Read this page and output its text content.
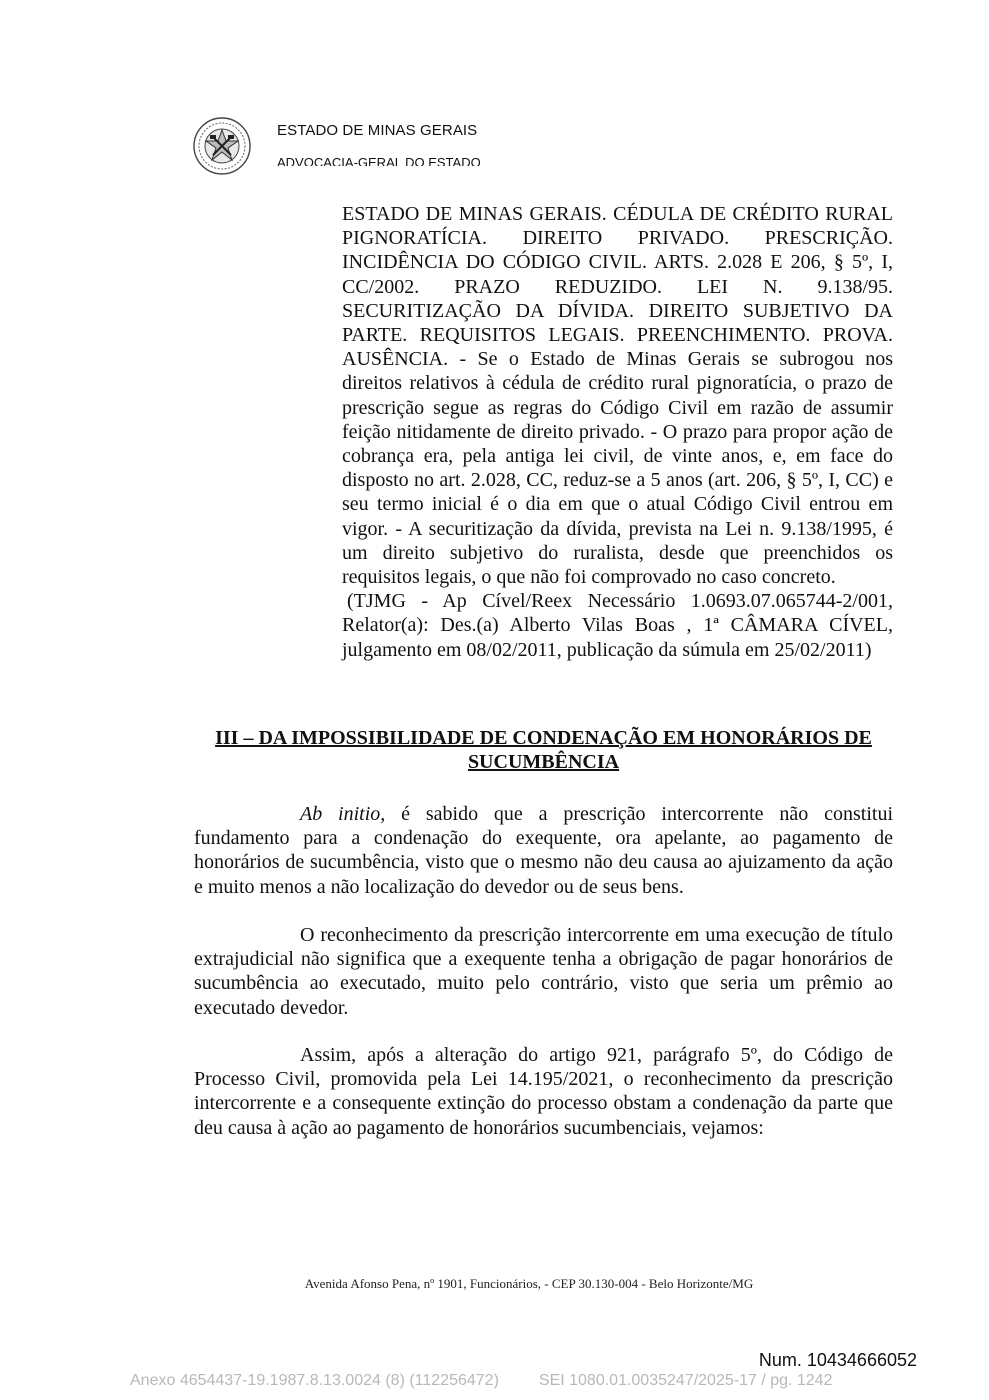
ESTADO DE MINAS GERAIS
ADVOCACIA-GERAL DO ESTADO

ESTADO DE MINAS GERAIS. CÉDULA DE CRÉDITO RURAL PIGNORATÍCIA. DIREITO PRIVADO. PRESCRIÇÃO. INCIDÊNCIA DO CÓDIGO CIVIL. ARTS. 2.028 E 206, § 5º, I, CC/2002. PRAZO REDUZIDO. LEI N. 9.138/95. SECURITIZAÇÃO DA DÍVIDA. DIREITO SUBJETIVO DA PARTE. REQUISITOS LEGAIS. PREENCHIMENTO. PROVA. AUSÊNCIA. - Se o Estado de Minas Gerais se subrogou nos direitos relativos à cédula de crédito rural pignoratícia, o prazo de prescrição segue as regras do Código Civil em razão de assumir feição nitidamente de direito privado. - O prazo para propor ação de cobrança era, pela antiga lei civil, de vinte anos, e, em face do disposto no art. 2.028, CC, reduz-se a 5 anos (art. 206, § 5º, I, CC) e seu termo inicial é o dia em que o atual Código Civil entrou em vigor. - A securitização da dívida, prevista na Lei n. 9.138/1995, é um direito subjetivo do ruralista, desde que preenchidos os requisitos legais, o que não foi comprovado no caso concreto.

(TJMG - Ap Cível/Reex Necessário 1.0693.07.065744-2/001, Relator(a): Des.(a) Alberto Vilas Boas , 1ª CÂMARA CÍVEL, julgamento em 08/02/2011, publicação da súmula em 25/02/2011)

III – DA IMPOSSIBILIDADE DE CONDENAÇÃO EM HONORÁRIOS DE SUCUMBÊNCIA

Ab initio, é sabido que a prescrição intercorrente não constitui fundamento para a condenação do exequente, ora apelante, ao pagamento de honorários de sucumbência, visto que o mesmo não deu causa ao ajuizamento da ação e muito menos a não localização do devedor ou de seus bens.

O reconhecimento da prescrição intercorrente em uma execução de título extrajudicial não significa que a exequente tenha a obrigação de pagar honorários de sucumbência ao executado, muito pelo contrário, visto que seria um prêmio ao executado devedor.

Assim, após a alteração do artigo 921, parágrafo 5º, do Código de Processo Civil, promovida pela Lei 14.195/2021, o reconhecimento da prescrição intercorrente e a consequente extinção do processo obstam a condenação da parte que deu causa à ação ao pagamento de honorários sucumbenciais, vejamos:

Avenida Afonso Pena, nº 1901, Funcionários, - CEP 30.130-004 - Belo Horizonte/MG
Num. 10434666052
Anexo 4654437-19.1987.8.13.0024 (8) (112256472)	SEI 1080.01.0035247/2025-17 / pg. 1242
